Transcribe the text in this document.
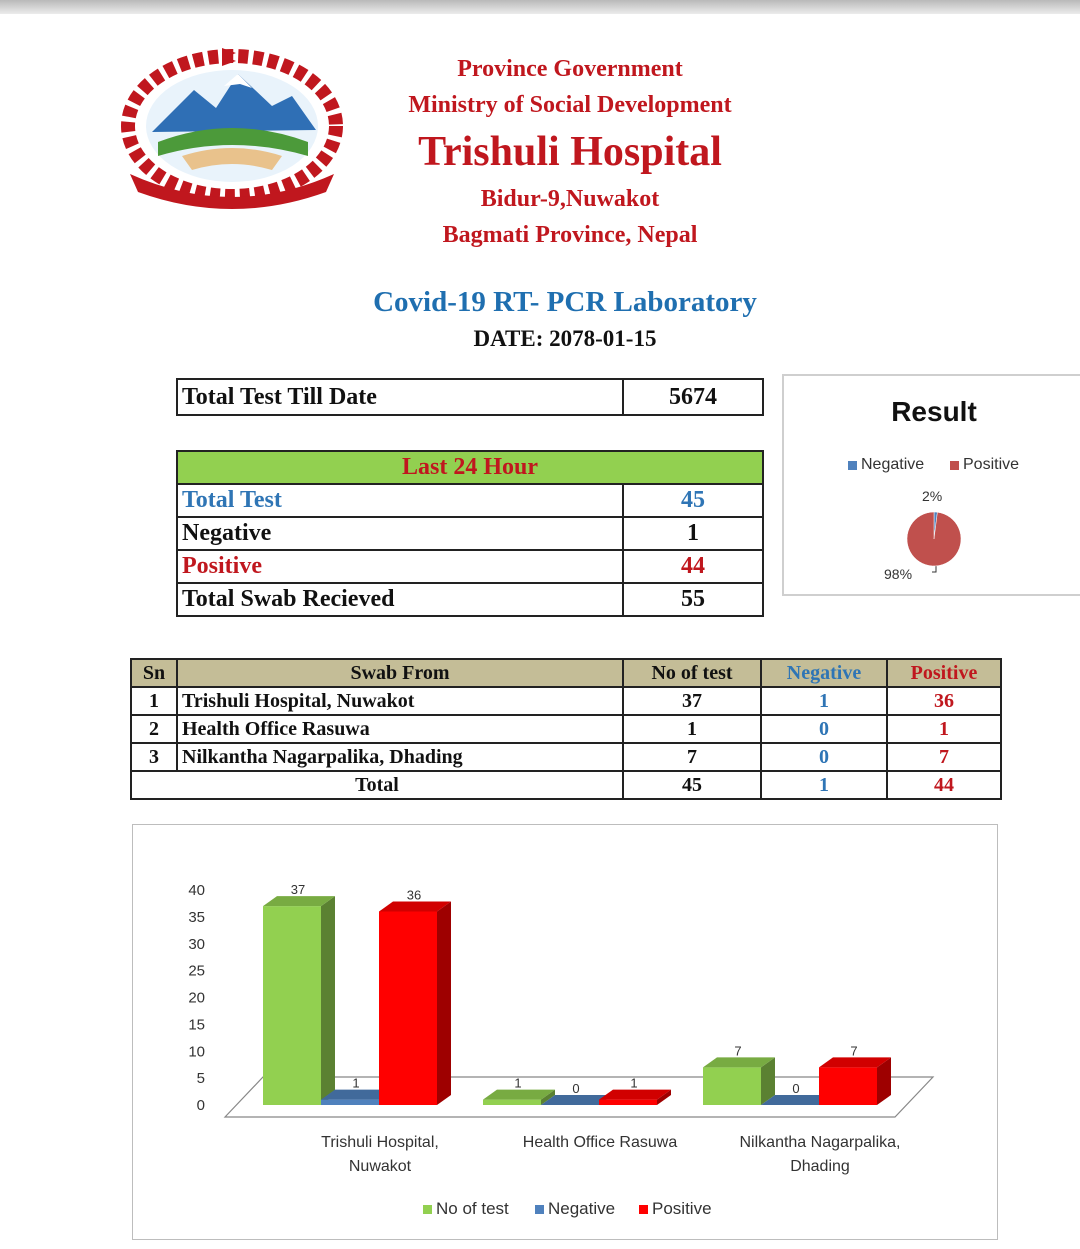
Province Government
Ministry of Social Development
Trishuli Hospital
Bidur-9,Nuwakot
Bagmati Province, Nepal
Covid-19 RT- PCR Laboratory
DATE: 2078-01-15
Total Test Till Date	5674
Last 24 Hour	
Total Test	45
Negative	1
Positive	44
Total Swab Recieved	55
Result
Negative Positive
2%
98%
Sn	Swab From	No of test	Negative	Positive
1	Trishuli Hospital, Nuwakot	37	1	36
2	Health Office Rasuwa	1	0	1
3	Nilkantha Nagarpalika, Dhading	7	0	7
Total		45	1	44
0
5
10
15
20
25
30
35
40	37
1
36
Trishuli Hospital,
Nuwakot
1	0	1
Health Office Rasuwa
7
0
7
Nilkantha Nagarpalika,
Dhading
No of test Negative Positive
